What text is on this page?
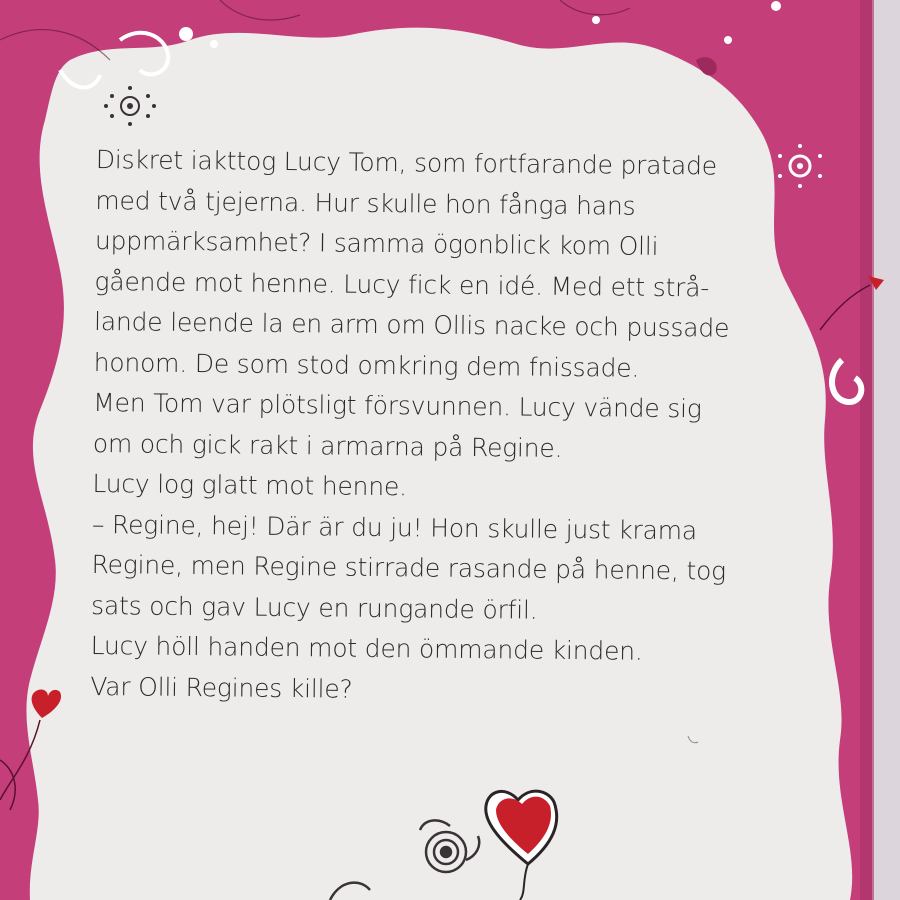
Diskret iakttog Lucy Tom, som fortfarande pratade
med två tjejerna. Hur skulle hon fånga hans
uppmärksamhet? I samma ögonblick kom Olli
gående mot henne. Lucy fick en idé. Med ett strå-
lande leende la en arm om Ollis nacke och pussade
honom. De som stod omkring dem fnissade.
Men Tom var plötsligt försvunnen. Lucy vände sig
om och gick rakt i armarna på Regine.
Lucy log glatt mot henne.
– Regine, hej! Där är du ju! Hon skulle just krama
Regine, men Regine stirrade rasande på henne, tog
sats och gav Lucy en rungande örfil.
Lucy höll handen mot den ömmande kinden.
Var Olli Regines kille?
